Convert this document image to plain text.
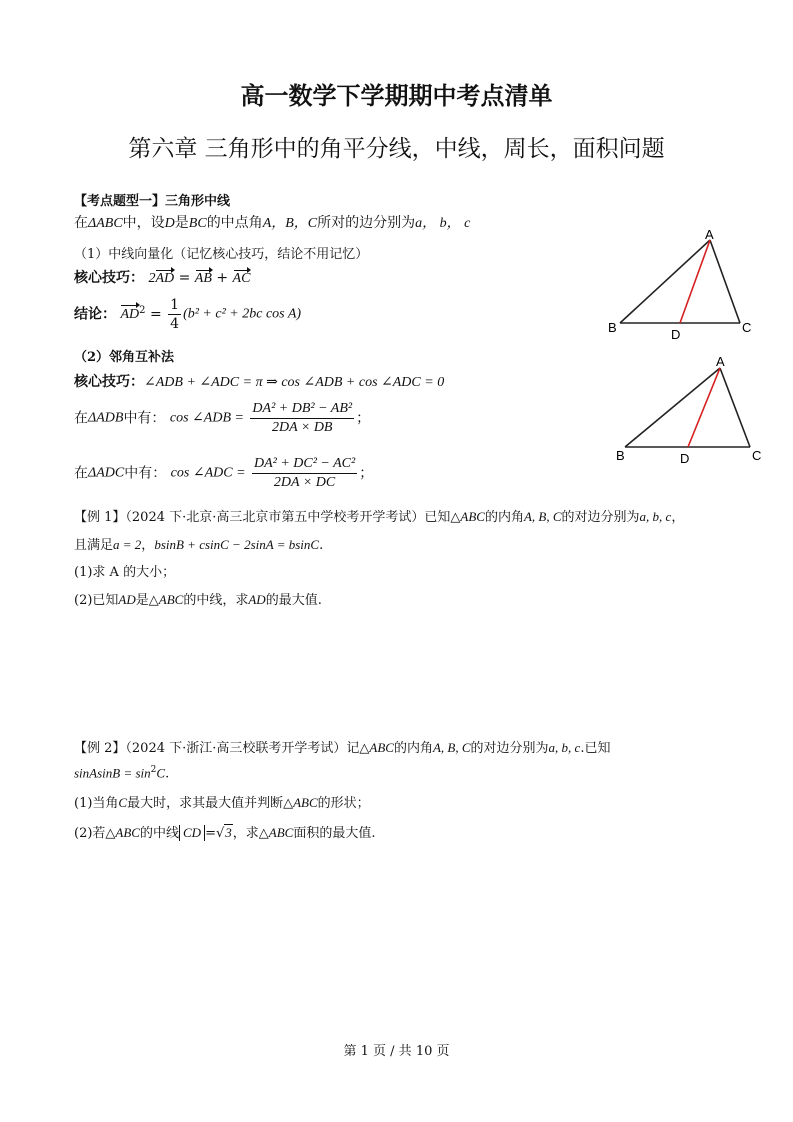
高一数学下学期期中考点清单
第六章 三角形中的角平分线，中线，周长，面积问题
【考点题型一】三角形中线
在ΔABC中，设D是BC的中点角A，B，C所对的边分别为a， b， c
（1）中线向量化（记忆核心技巧，结论不用记忆）
核心技巧： 2AD = AB + AC
结论： $AD^2 = \frac{1}{4} (b^2 + c^2 + 2bc$ cos A)
（2）邻角互补法
核心技巧：∠ADB + ∠ADC = π ⇒ cos ∠ADB + cos ∠ADC = 0
在ΔADB中有： cos ∠ADB = $\frac{\text{DA² + DB² − AB²}}{2DA \times DB}$ ；
在ΔADC中有： cos ∠ADC = $\frac{\text{DA² + DC² − AC²}}{2DA \times DC}$ ；
A
B	C
D
A
B	C
D
【例 1】（2024 下·北京·高三北京市第五中学校考开学考试）已知△ABC的内角A, B, C的对边分别为a, b, c，
且满足a = 2，bsinB + csinC − 2sinA = bsinC.
(1)求 A 的大小；
(2)已知AD是△ABC的中线，求AD的最大值.
【例 2】（2024 下·浙江·高三校联考开学考试）记△ABC的内角A, B, C的对边分别为a, b, c.已知
sinAsinB = $\sin^2C$.
(1)当角C最大时，求其最大值并判断△ABC的形状；
(2)若△ABC的中线 CD =√3，求△ABC面积的最大值.
第 1 页 / 共 10 页
